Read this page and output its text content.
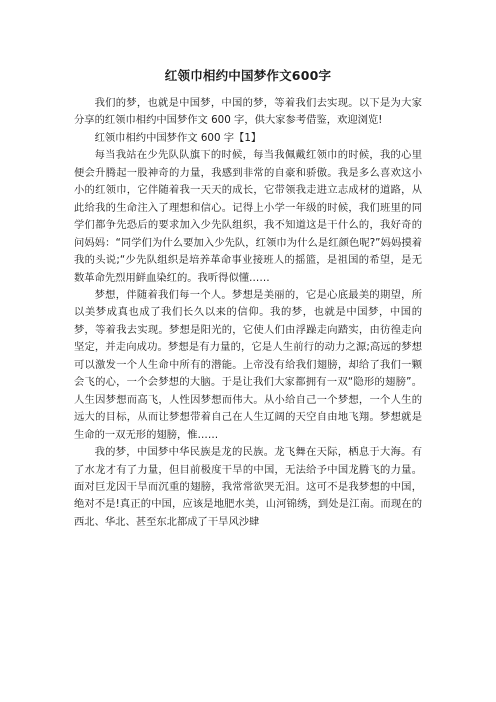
红领巾相约中国梦作文600字

我们的梦，也就是中国梦，中国的梦，等着我们去实现。以下是为大家分享的红领巾相约中国梦作文 600 字，供大家参考借鉴，欢迎浏览!

红领巾相约中国梦作文 600 字【1】

每当我站在少先队队旗下的时候，每当我佩戴红领巾的时候，我的心里便会升腾起一股神奇的力量，我感到非常的自豪和骄傲。我是多么喜欢这小小的红领巾，它伴随着我一天天的成长，它带领我走进立志成材的道路，从此给我的生命注入了理想和信心。记得上小学一年级的时候，我们班里的同学们都争先恐后的要求加入少先队组织，我不知道这是干什么的，我好奇的问妈妈：“同学们为什么要加入少先队，红领巾为什么是红颜色呢?”妈妈摸着我的头说;“少先队组织是培养革命事业接班人的摇篮，是祖国的希望，是无数革命先烈用鲜血染红的。我听得似懂……

梦想，伴随着我们每一个人。梦想是美丽的，它是心底最美的期望，所以美梦成真也成了我们长久以来的信仰。我的梦，也就是中国梦，中国的梦，等着我去实现。梦想是阳光的，它使人们由浮躁走向踏实，由彷徨走向坚定，并走向成功。梦想是有力量的，它是人生前行的动力之源;高远的梦想可以激发一个人生命中所有的潜能。上帝没有给我们翅膀，却给了我们一颗会飞的心，一个会梦想的大脑。于是让我们大家都拥有一双“隐形的翅膀”。人生因梦想而高飞，人性因梦想而伟大。从小给自己一个梦想，一个人生的远大的目标，从而让梦想带着自己在人生辽阔的天空自由地飞翔。梦想就是生命的一双无形的翅膀，惟……

我的梦，中国梦中华民族是龙的民族。龙飞舞在天际，栖息于大海。有了水龙才有了力量，但目前极度干旱的中国，无法给予中国龙腾飞的力量。面对巨龙因干旱而沉重的翅膀，我常常欲哭无泪。这可不是我梦想的中国，绝对不是!真正的中国，应该是地肥水美，山河锦绣，到处是江南。而现在的西北、华北、甚至东北都成了干旱风沙肆
